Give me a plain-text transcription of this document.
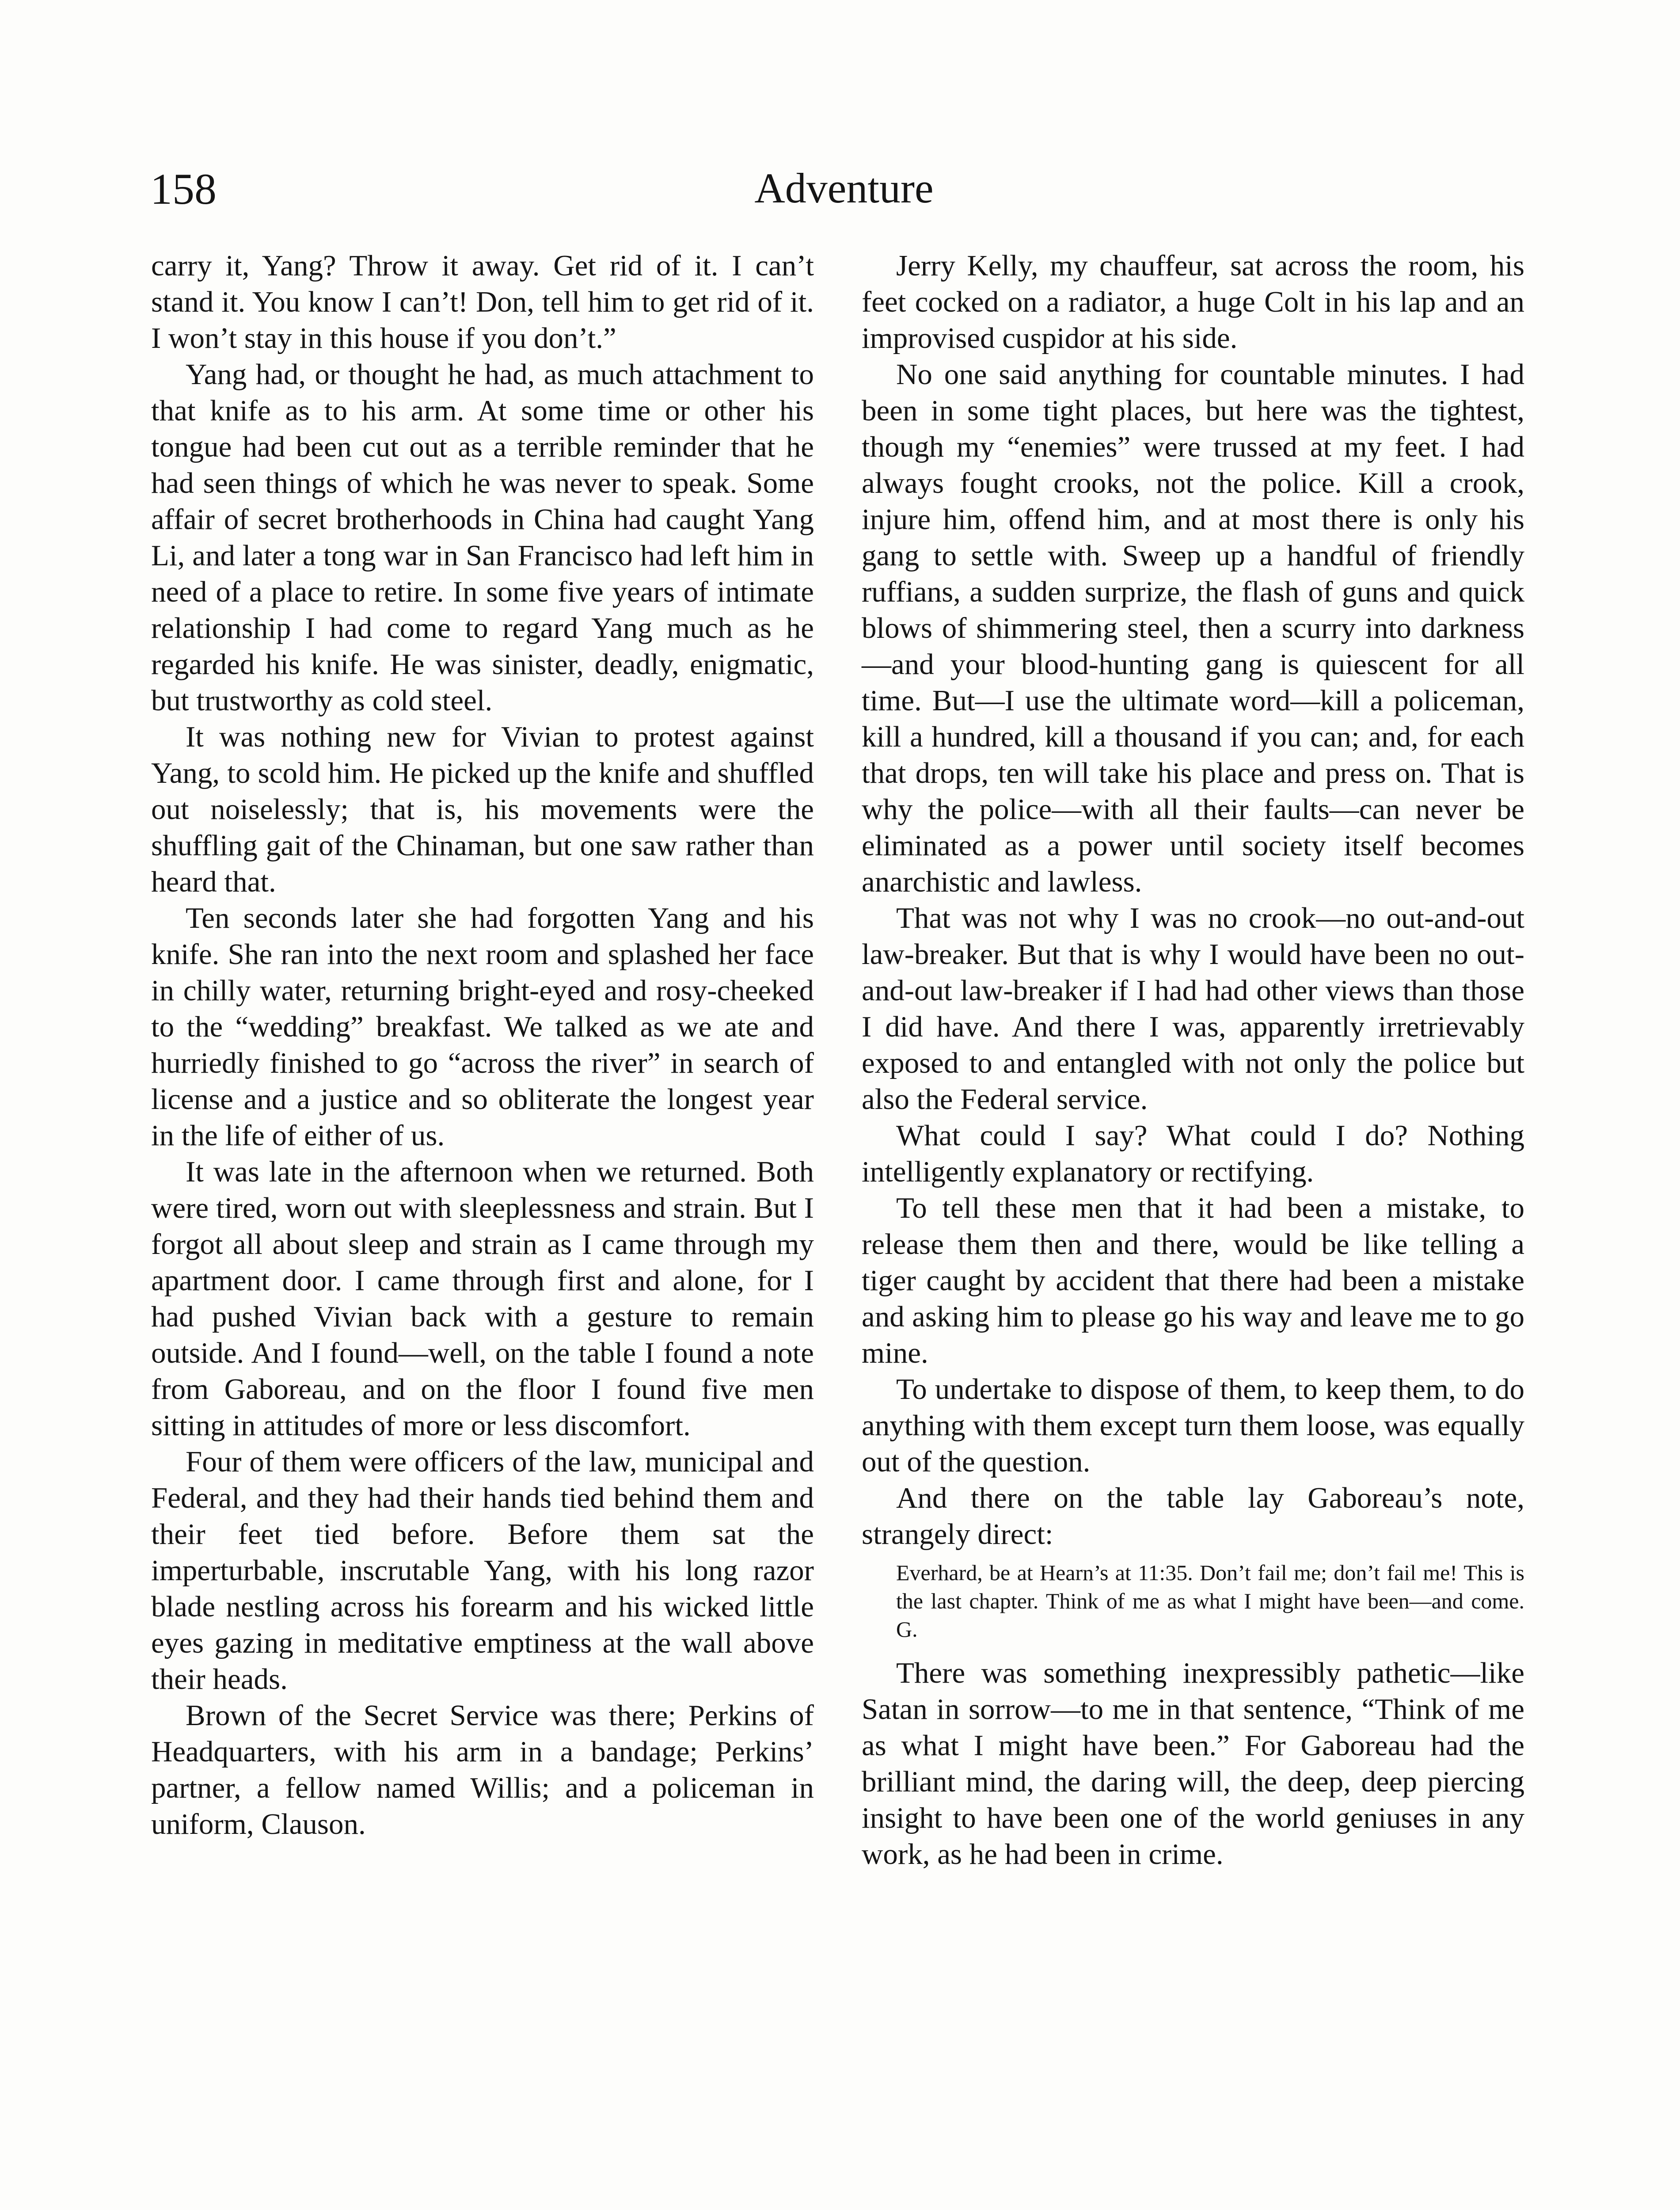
158	Adventure

carry it, Yang? Throw it away. Get rid of it. I can’t stand it. You know I can’t! Don, tell him to get rid of it. I won’t stay in this house if you don’t.”

Yang had, or thought he had, as much attachment to that knife as to his arm. At some time or other his tongue had been cut out as a terrible reminder that he had seen things of which he was never to speak. Some affair of secret brotherhoods in China had caught Yang Li, and later a tong war in San Francisco had left him in need of a place to retire. In some five years of intimate relationship I had come to regard Yang much as he regarded his knife. He was sinister, deadly, enigmatic, but trustworthy as cold steel.

It was nothing new for Vivian to protest against Yang, to scold him. He picked up the knife and shuffled out noiselessly; that is, his movements were the shuffling gait of the Chinaman, but one saw rather than heard that.

Ten seconds later she had forgotten Yang and his knife. She ran into the next room and splashed her face in chilly water, returning bright-eyed and rosy-cheeked to the “wedding” breakfast. We talked as we ate and hurriedly finished to go “across the river” in search of license and a justice and so obliterate the longest year in the life of either of us.

It was late in the afternoon when we returned. Both were tired, worn out with sleeplessness and strain. But I forgot all about sleep and strain as I came through my apartment door. I came through first and alone, for I had pushed Vivian back with a gesture to remain outside. And I found—well, on the table I found a note from Gaboreau, and on the floor I found five men sitting in attitudes of more or less discomfort.

Four of them were officers of the law, municipal and Federal, and they had their hands tied behind them and their feet tied before. Before them sat the imperturbable, inscrutable Yang, with his long razor blade nestling across his forearm and his wicked little eyes gazing in meditative emptiness at the wall above their heads.

Brown of the Secret Service was there; Perkins of Headquarters, with his arm in a bandage; Perkins’ partner, a fellow named Willis; and a policeman in uniform, Clauson.

Jerry Kelly, my chauffeur, sat across the room, his feet cocked on a radiator, a huge Colt in his lap and an improvised cuspidor at his side.

No one said anything for countable minutes. I had been in some tight places, but here was the tightest, though my “enemies” were trussed at my feet. I had always fought crooks, not the police. Kill a crook, injure him, offend him, and at most there is only his gang to settle with. Sweep up a handful of friendly ruffians, a sudden surprize, the flash of guns and quick blows of shimmering steel, then a scurry into darkness—and your blood-hunting gang is quiescent for all time. But—I use the ultimate word—kill a policeman, kill a hundred, kill a thousand if you can; and, for each that drops, ten will take his place and press on. That is why the police—with all their faults—can never be eliminated as a power until society itself becomes anarchistic and lawless.

That was not why I was no crook—no out-and-out law-breaker. But that is why I would have been no out-and-out law-breaker if I had had other views than those I did have. And there I was, apparently irretrievably exposed to and entangled with not only the police but also the Federal service.

What could I say? What could I do? Nothing intelligently explanatory or rectifying.

To tell these men that it had been a mistake, to release them then and there, would be like telling a tiger caught by accident that there had been a mistake and asking him to please go his way and leave me to go mine.

To undertake to dispose of them, to keep them, to do anything with them except turn them loose, was equally out of the question.

And there on the table lay Gaboreau’s note, strangely direct:

Everhard, be at Hearn’s at 11:35. Don’t fail me; don’t fail me! This is the last chapter. Think of me as what I might have been—and come. G.

There was something inexpressibly pathetic—like Satan in sorrow—to me in that sentence, “Think of me as what I might have been.” For Gaboreau had the brilliant mind, the daring will, the deep, deep piercing insight to have been one of the world geniuses in any work, as he had been in crime.
